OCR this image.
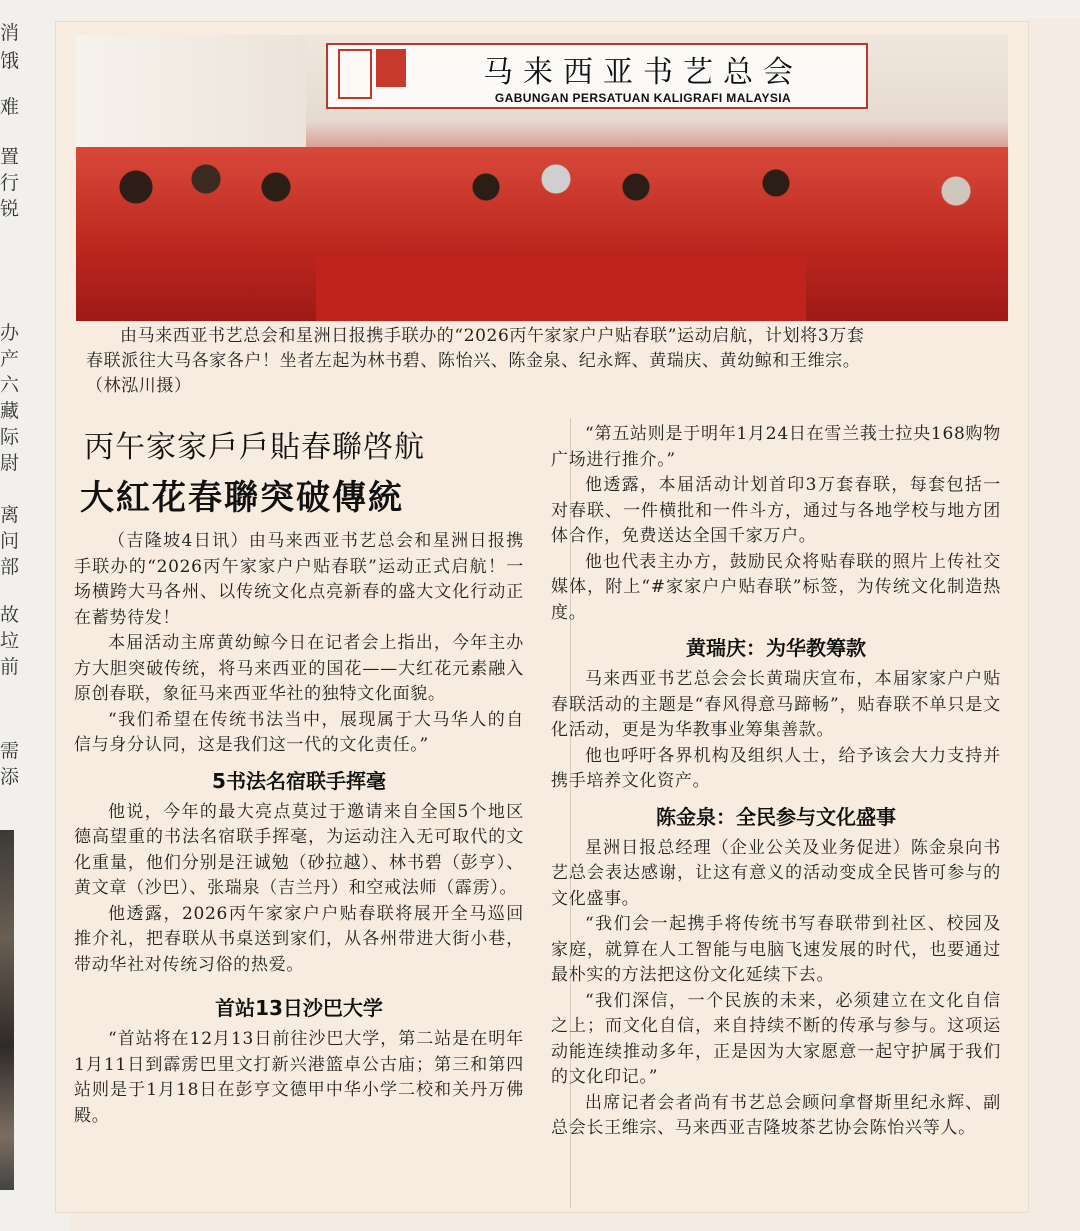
消
饿
难
置
行
锐
办
产
六
藏
际
尉
离
问
部
故
垃
前
需
添
马来西亚书艺总会
GABUNGAN PERSATUAN KALIGRAFI MALAYSIA

由马来西亚书艺总会和星洲日报携手联办的“2026丙午家家户户贴春联”运动启航，计划将3万套

春联派往大马各家各户！坐者左起为林书碧、陈怡兴、陈金泉、纪永辉、黄瑞庆、黄幼鲸和王维宗。

（林泓川摄）

丙午家家戶戶貼春聯啓航
大紅花春聯突破傳統

（吉隆坡4日讯）由马来西亚书艺总会和星洲日报携手联办的“2026丙午家家户户贴春联”运动正式启航！一场横跨大马各州、以传统文化点亮新春的盛大文化行动正在蓄势待发！

本届活动主席黄幼鲸今日在记者会上指出，今年主办方大胆突破传统，将马来西亚的国花——大红花元素融入原创春联，象征马来西亚华社的独特文化面貌。

“我们希望在传统书法当中，展现属于大马华人的自信与身分认同，这是我们这一代的文化责任。”

5书法名宿联手挥毫

他说，今年的最大亮点莫过于邀请来自全国5个地区德高望重的书法名宿联手挥毫，为运动注入无可取代的文化重量，他们分别是汪诚勉（砂拉越）、林书碧（彭亨）、黄文章（沙巴）、张瑞泉（吉兰丹）和空戒法师（霹雳）。

他透露，2026丙午家家户户贴春联将展开全马巡回推介礼，把春联从书桌送到家们，从各州带进大街小巷，带动华社对传统习俗的热爱。

首站13日沙巴大学

“首站将在12月13日前往沙巴大学，第二站是在明年1月11日到霹雳巴里文打新兴港篮卓公古庙；第三和第四站则是于1月18日在彭亨文德甲中华小学二校和关丹万佛殿。

“第五站则是于明年1月24日在雪兰莪士拉央168购物广场进行推介。”

他透露，本届活动计划首印3万套春联，每套包括一对春联、一件横批和一件斗方，通过与各地学校与地方团体合作，免费送达全国千家万户。

他也代表主办方，鼓励民众将贴春联的照片上传社交媒体，附上“#家家户户贴春联”标签，为传统文化制造热度。

黄瑞庆：为华教筹款

马来西亚书艺总会会长黄瑞庆宣布，本届家家户户贴春联活动的主题是“春风得意马蹄畅”，贴春联不单只是文化活动，更是为华教事业筹集善款。

他也呼吁各界机构及组织人士，给予该会大力支持并携手培养文化资产。

陈金泉：全民参与文化盛事

星洲日报总经理（企业公关及业务促进）陈金泉向书艺总会表达感谢，让这有意义的活动变成全民皆可参与的文化盛事。

“我们会一起携手将传统书写春联带到社区、校园及家庭，就算在人工智能与电脑飞速发展的时代，也要通过最朴实的方法把这份文化延续下去。

“我们深信，一个民族的未来，必须建立在文化自信之上；而文化自信，来自持续不断的传承与参与。这项运动能连续推动多年，正是因为大家愿意一起守护属于我们的文化印记。”

出席记者会者尚有书艺总会顾问拿督斯里纪永辉、副总会长王维宗、马来西亚吉隆坡茶艺协会陈怡兴等人。
